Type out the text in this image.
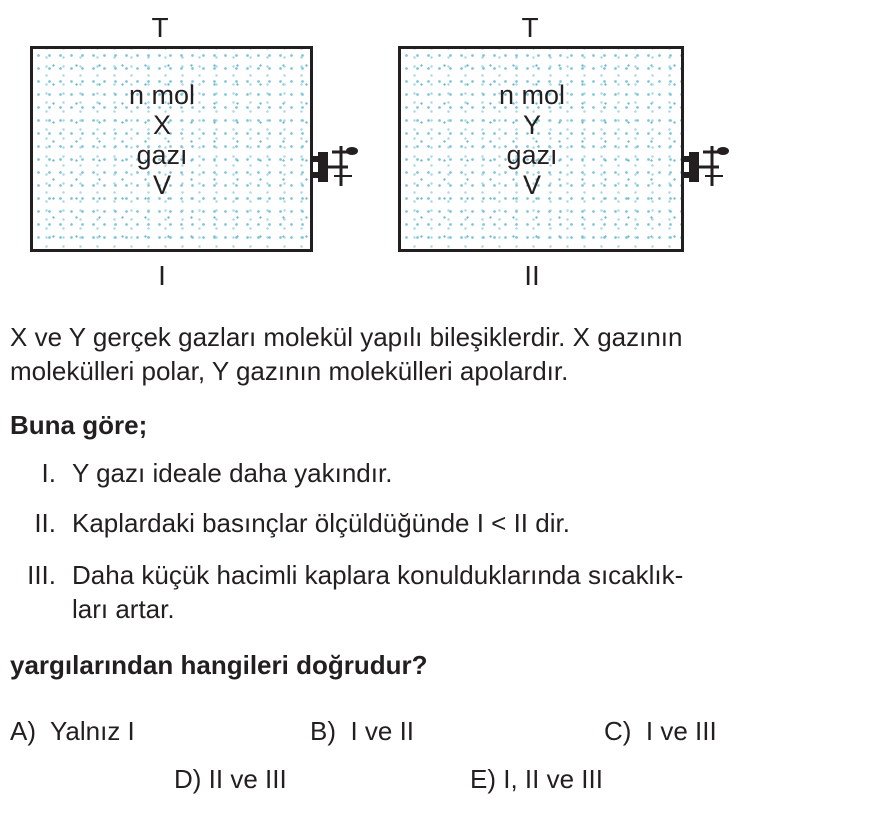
T
n mol
X
gazı
V
I
T
n mol
Y
gazı
V
II
X ve Y gerçek gazları molekül yapılı bileşiklerdir. X gazının
molekülleri polar, Y gazının molekülleri apolardır.
Buna göre;
I. Y gazı ideale daha yakındır.
II. Kaplardaki basınçlar ölçüldüğünde I < II dir.
III. Daha küçük hacimli kaplara konulduklarında sıcaklık-
ları artar.
yargılarından hangileri doğrudur?
A) Yalnız I	B) I ve II	C) I ve III
D) II ve III	E) I, II ve III
